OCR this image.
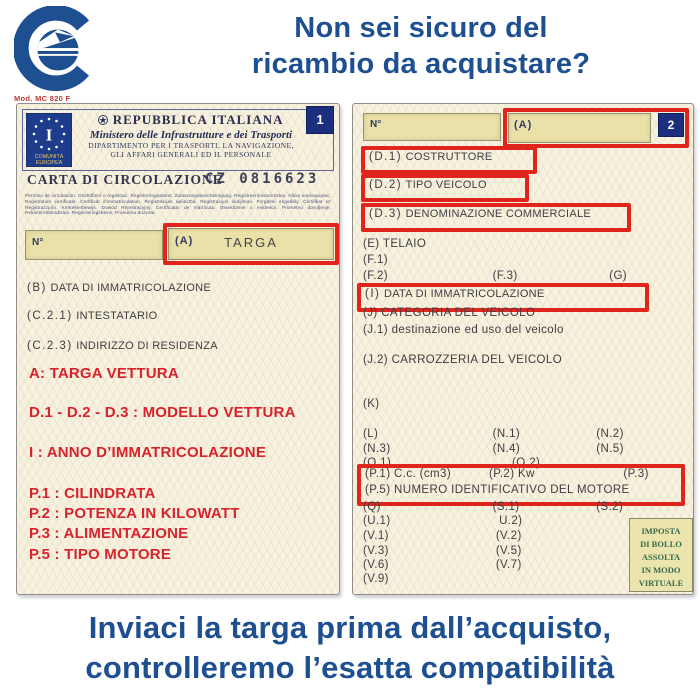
Mod. MC 820 F
Non sei sicuro del
ricambio da acquistare?
I
COMUNITÀ
EUROPEA
REPUBBLICA ITALIANA
Ministero delle Infrastrutture e dei Trasporti
DIPARTIMENTO PER I TRASPORTI, LA NAVIGAZIONE,
GLI AFFARI GENERALI ED IL PERSONALE
1
CARTA DI CIRCOLAZIONE
CZ 0816623
Permiso de circulación. Osvědčení o registraci. Registreringsattest. Zulassungsbescheinigung. Registreerimistunnistus. Άδεια κυκλοφορίας. Registration certificate. Certificat d’immatriculation. Reģistrācijas apliecība. Registracijos liudijimas. Forgalmi engedély. Ċertifikat ta’ Reġistrazzjoni. Kentekenbewijs. Dowód Rejestracyjny. Certificado de matrícula. Osvedčenie o evidencii. Prometno dovoljenje. Rekisteröintitodistus. Registreringsbevis. Prometna dozvola.
N°	(A)	TARGA
(B) DATA DI IMMATRICOLAZIONE
(C.2.1) INTESTATARIO
(C.2.3) INDIRIZZO DI RESIDENZA
A: TARGA VETTURA
D.1 - D.2 - D.3 : MODELLO VETTURA
I : ANNO D’IMMATRICOLAZIONE
P.1 : CILINDRATA
P.2 : POTENZA IN KILOWATT
P.3 : ALIMENTAZIONE
P.5 : TIPO MOTORE
N°	(A)	2
(D.1) COSTRUTTORE
(D.2) TIPO VEICOLO
(D.3) DENOMINAZIONE COMMERCIALE
(E) TELAIO
(F.1)
(F.2)	(F.3)	(G)
(I) DATA DI IMMATRICOLAZIONE
(J) CATEGORIA DEL VEICOLO
(J.1) destinazione ed uso del veicolo
(J.2) CARROZZERIA DEL VEICOLO
(K)
(L)	(N.1)	(N.2)
(N.3)	(N.4)	(N.5)
(O.1)	(O.2)
(P.1) C.c. (cm3)	(P.2) Kw	(P.3)
(P.5) NUMERO IDENTIFICATIVO DEL MOTORE
(Q)	(S.1)	(S.2)
(U.1)	U.2)
(V.1)	(V.2)
(V.3)	(V.5)
(V.6)	(V.7)
(V.9)
IMPOSTA
DI BOLLO
ASSOLTA
IN MODO
VIRTUALE
Inviaci la targa prima dall’acquisto,
controlleremo l’esatta compatibilità
